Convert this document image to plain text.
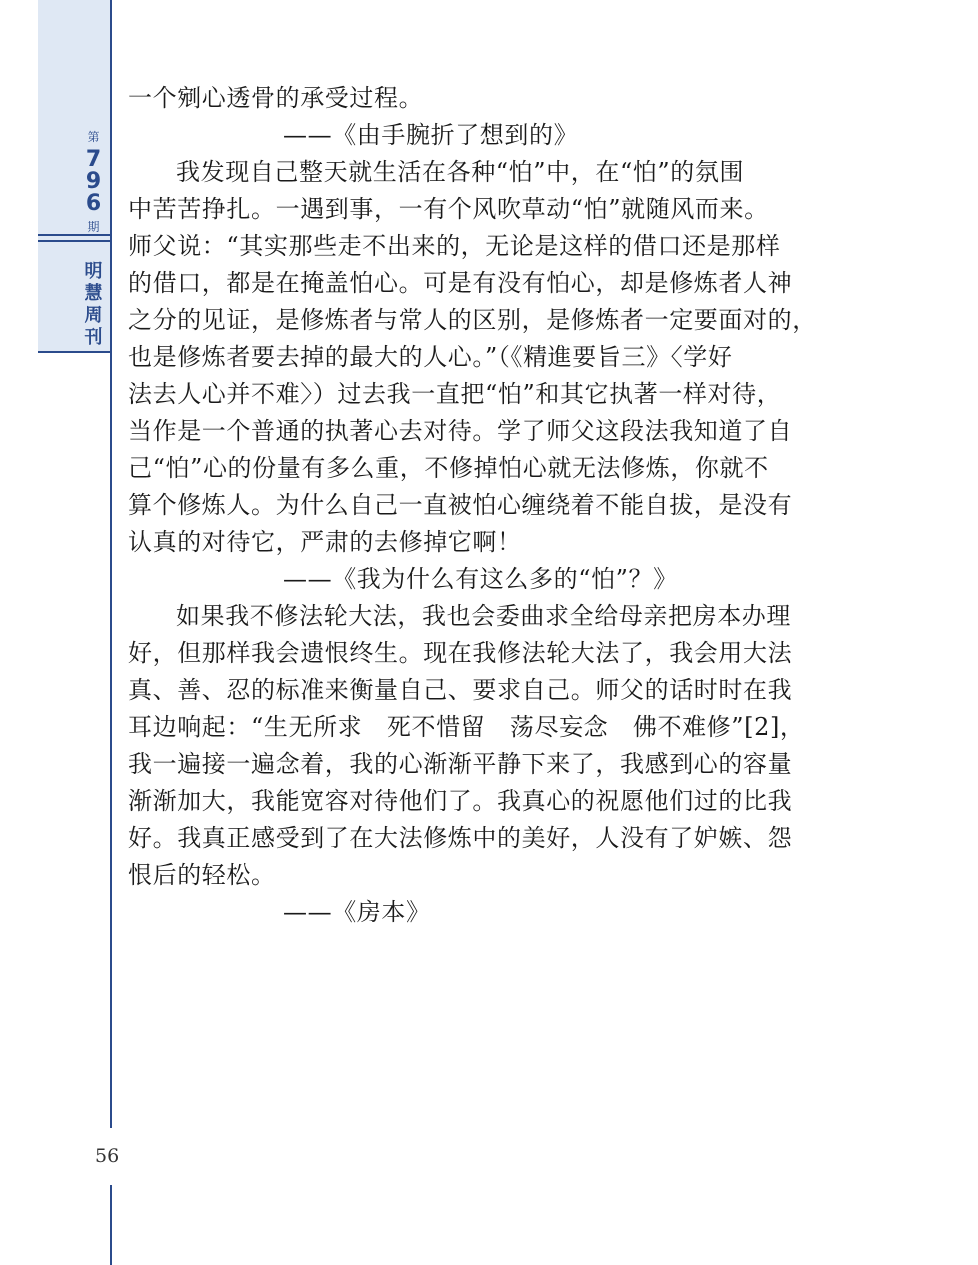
第
7
9
6
期
明
慧
周
刊
一个剜心透骨的承受过程。
——《由手腕折了想到的》
我发现自己整天就生活在各种“怕”中，在“怕”的氛围
中苦苦挣扎。一遇到事，一有个风吹草动“怕”就随风而来。
师父说：“其实那些走不出来的，无论是这样的借口还是那样
的借口，都是在掩盖怕心。可是有没有怕心，却是修炼者人神
之分的见证，是修炼者与常人的区别，是修炼者一定要面对的，
也是修炼者要去掉的最大的人心。”（《精進要旨三》〈学好
法去人心并不难〉）过去我一直把“怕”和其它执著一样对待，
当作是一个普通的执著心去对待。学了师父这段法我知道了自
己“怕”心的份量有多么重，不修掉怕心就无法修炼，你就不
算个修炼人。为什么自己一直被怕心缠绕着不能自拔，是没有
认真的对待它，严肃的去修掉它啊！
——《我为什么有这么多的“怕”？》
如果我不修法轮大法，我也会委曲求全给母亲把房本办理
好，但那样我会遗恨终生。现在我修法轮大法了，我会用大法
真、善、忍的标准来衡量自己、要求自己。师父的话时时在我
耳边响起：“生无所求　死不惜留　荡尽妄念　佛不难修”[2]，
我一遍接一遍念着，我的心渐渐平静下来了，我感到心的容量
渐渐加大，我能宽容对待他们了。我真心的祝愿他们过的比我
好。我真正感受到了在大法修炼中的美好，人没有了妒嫉、怨
恨后的轻松。
——《房本》
56
